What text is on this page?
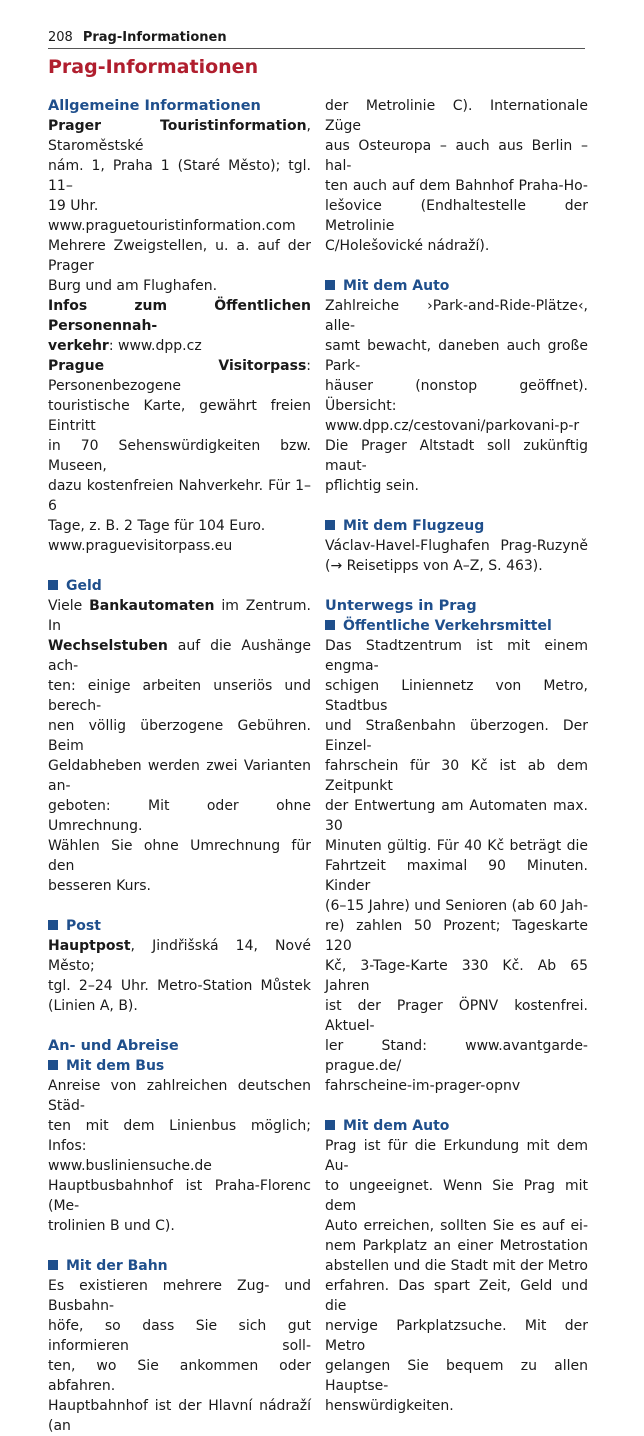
208 Prag-Informationen
Prag-Informationen

Allgemeine Informationen

Prager Touristinformation, Staroměstské

nám. 1, Praha 1 (Staré Město); tgl. 11–

19 Uhr.

www.praguetouristinformation.com

Mehrere Zweigstellen, u. a. auf der Prager

Burg und am Flughafen.

Infos zum Öffentlichen Personennah-

verkehr: www.dpp.cz

Prague Visitorpass: Personenbezogene

touristische Karte, gewährt freien Eintritt

in 70 Sehenswürdigkeiten bzw. Museen,

dazu kostenfreien Nahverkehr. Für 1–6

Tage, z. B. 2 Tage für 104 Euro.

www.praguevisitorpass.eu

Geld

Viele Bankautomaten im Zentrum. In

Wechselstuben auf die Aushänge ach-

ten: einige arbeiten unseriös und berech-

nen völlig überzogene Gebühren. Beim

Geldabheben werden zwei Varianten an-

geboten: Mit oder ohne Umrechnung.

Wählen Sie ohne Umrechnung für den

besseren Kurs.

Post

Hauptpost, Jindřišská 14, Nové Město;

tgl. 2–24 Uhr. Metro-Station Můstek

(Linien A, B).

An- und Abreise

Mit dem Bus

Anreise von zahlreichen deutschen Städ-

ten mit dem Linienbus möglich; Infos:

www.busliniensuche.de

Hauptbusbahnhof ist Praha-Florenc (Me-

trolinien B und C).

Mit der Bahn

Es existieren mehrere Zug- und Busbahn-

höfe, so dass Sie sich gut informieren soll-

ten, wo Sie ankommen oder abfahren.

Hauptbahnhof ist der Hlavní nádraží (an

der Metrolinie C). Internationale Züge

aus Osteuropa – auch aus Berlin – hal-

ten auch auf dem Bahnhof Praha-Ho-

lešovice (Endhaltestelle der Metrolinie

C/Holešovické nádraží).

Mit dem Auto

Zahlreiche ›Park-and-Ride-Plätze‹, alle-

samt bewacht, daneben auch große Park-

häuser (nonstop geöffnet). Übersicht:

www.dpp.cz/cestovani/parkovani-p-r

Die Prager Altstadt soll zukünftig maut-

pflichtig sein.

Mit dem Flugzeug

Václav-Havel-Flughafen Prag-Ruzyně

(→ Reisetipps von A–Z, S. 463).

Unterwegs in Prag

Öffentliche Verkehrsmittel

Das Stadtzentrum ist mit einem engma-

schigen Liniennetz von Metro, Stadtbus

und Straßenbahn überzogen. Der Einzel-

fahrschein für 30 Kč ist ab dem Zeitpunkt

der Entwertung am Automaten max. 30

Minuten gültig. Für 40 Kč beträgt die

Fahrtzeit maximal 90 Minuten. Kinder

(6–15 Jahre) und Senioren (ab 60 Jah-

re) zahlen 50 Prozent; Tageskarte 120

Kč, 3-Tage-Karte 330 Kč. Ab 65 Jahren

ist der Prager ÖPNV kostenfrei. Aktuel-

ler Stand: www.avantgarde-prague.de/

fahrscheine-im-prager-opnv

Mit dem Auto

Prag ist für die Erkundung mit dem Au-

to ungeeignet. Wenn Sie Prag mit dem

Auto erreichen, sollten Sie es auf ei-

nem Parkplatz an einer Metrostation

abstellen und die Stadt mit der Metro

erfahren. Das spart Zeit, Geld und die

nervige Parkplatzsuche. Mit der Metro

gelangen Sie bequem zu allen Hauptse-

henswürdigkeiten.
